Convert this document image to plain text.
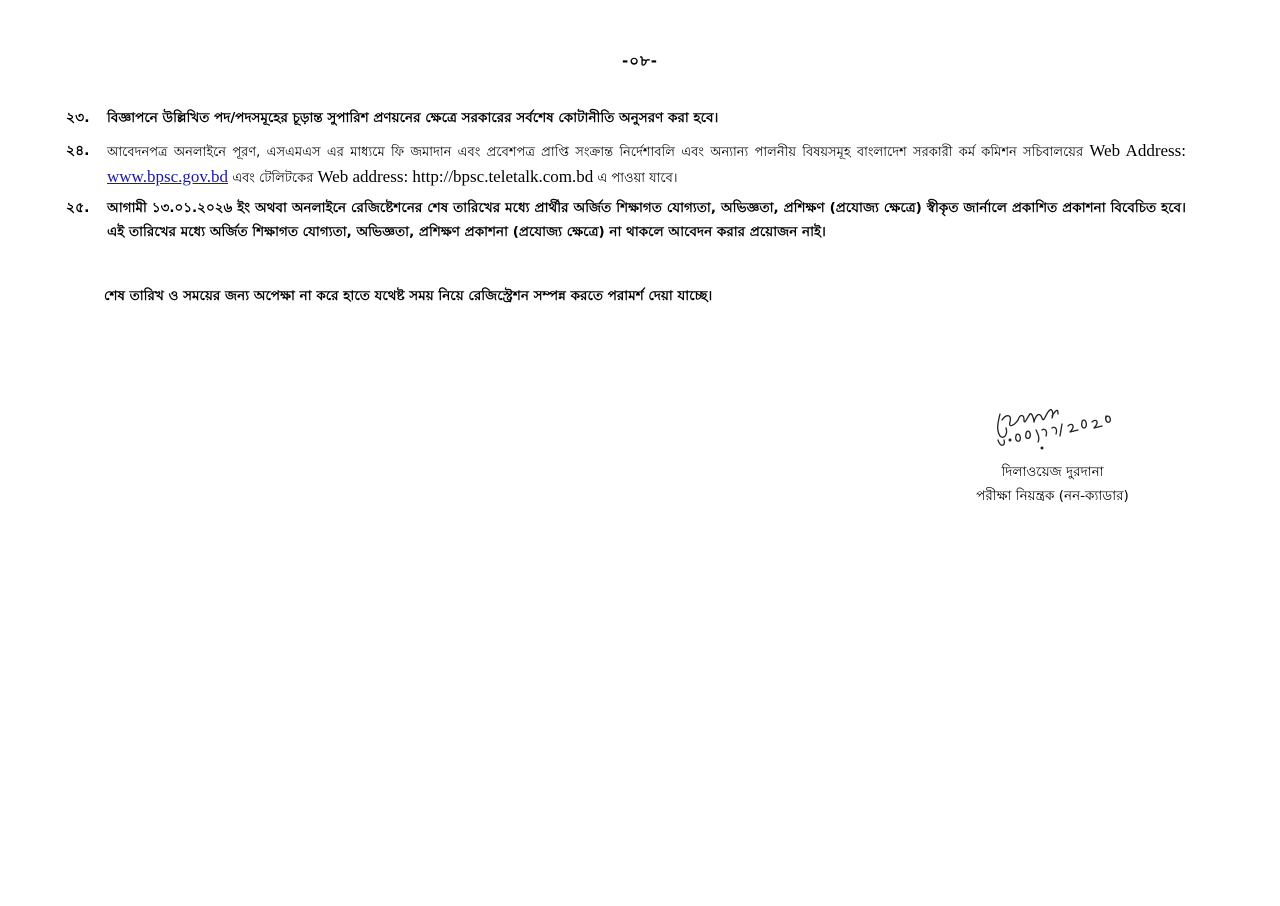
-০৮-
২৩.	বিজ্ঞাপনে উল্লিখিত পদ/পদসমূহের চূড়ান্ত সুপারিশ প্রণয়নের ক্ষেত্রে সরকারের সর্বশেষ কোটানীতি অনুসরণ করা হবে।
২৪.	আবেদনপত্র অনলাইনে পূরণ, এসএমএস এর মাধ্যমে ফি জমাদান এবং প্রবেশপত্র প্রাপ্তি সংক্রান্ত নির্দেশাবলি এবং অন্যান্য পালনীয় বিষয়সমূহ বাংলাদেশ সরকারী কর্ম কমিশন সচিবালয়ের Web Address: www.bpsc.gov.bd এবং টেলিটকের Web address: http://bpsc.teletalk.com.bd এ পাওয়া যাবে।
২৫.	আগামী ১৩.০১.২০২৬ ইং অথবা অনলাইনে রেজিষ্টেশনের শেষ তারিখের মধ্যে প্রার্থীর অর্জিত শিক্ষাগত যোগ্যতা, অভিজ্ঞতা, প্রশিক্ষণ (প্রযোজ্য ক্ষেত্রে) স্বীকৃত জার্নালে প্রকাশিত প্রকাশনা বিবেচিত হবে। এই তারিখের মধ্যে অর্জিত শিক্ষাগত যোগ্যতা, অভিজ্ঞতা, প্রশিক্ষণ প্রকাশনা (প্রযোজ্য ক্ষেত্রে) না থাকলে আবেদন করার প্রয়োজন নাই।
শেষ তারিখ ও সময়ের জন্য অপেক্ষা না করে হাতে যথেষ্ট সময় নিয়ে রেজিস্ট্রেশন সম্পন্ন করতে পরামর্শ দেয়া যাচ্ছে।
দিলাওয়েজ দুরদানা
পরীক্ষা নিয়ন্ত্রক (নন-ক্যাডার)
